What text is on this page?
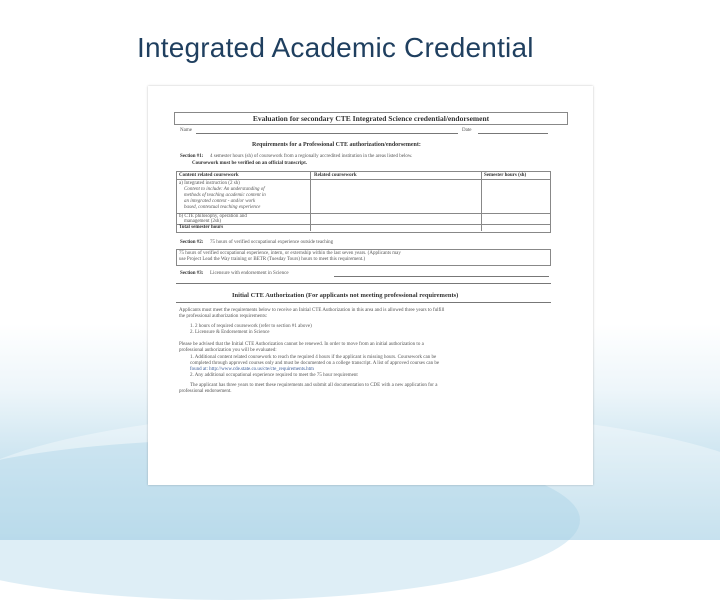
Integrated Academic Credential
Evaluation for secondary CTE Integrated Science credential/endorsement
Name	Date
Requirements for a Professional CTE authorization/endorsement:
Section #1: 4 semester hours (sh) of coursework from a regionally accredited institution in the areas listed below.
Coursework must be verified on an official transcript.
Content related coursework	Related coursework	Semester hours (sh)
a) Integrated instruction (2 sh)
Content to include: An understanding of
methods of teaching academic content in
an integrated context - and/or work
based, contextual teaching experience
b) CTE philosophy, operation and
management (2sh)
Total semester hours
Section #2: 75 hours of verified occupational experience outside teaching
75 hours of verified occupational experience, intern, or externship within the last seven years. (Applicants may
use Project Lead the Way training or BETR (Tuesday Tours) hours to meet this requirement.)
Section #3: Licensure with endorsement in Science
Initial CTE Authorization (For applicants not meeting professional requirements)
Applicants must meet the requirements below to receive an Initial CTE Authorization in this area and is allowed three years to fulfill
the professional authorization requirements:
1. 2 hours of required coursework (refer to section #1 above)
2. Licensure & Endorsement in Science
Please be advised that the Initial CTE Authorization cannot be renewed. In order to move from an initial authorization to a
professional authorization you will be evaluated:
1. Additional content related coursework to reach the required 4 hours if the applicant is missing hours. Coursework can be
completed through approved courses only and must be documented on a college transcript. A list of approved courses can be
found at: http://www.cde.state.co.us/cte/cte_requirements.htm
2. Any additional occupational experience required to meet the 75 hour requirement
The applicant has three years to meet these requirements and submit all documentation to CDE with a new application for a
professional endorsement.
